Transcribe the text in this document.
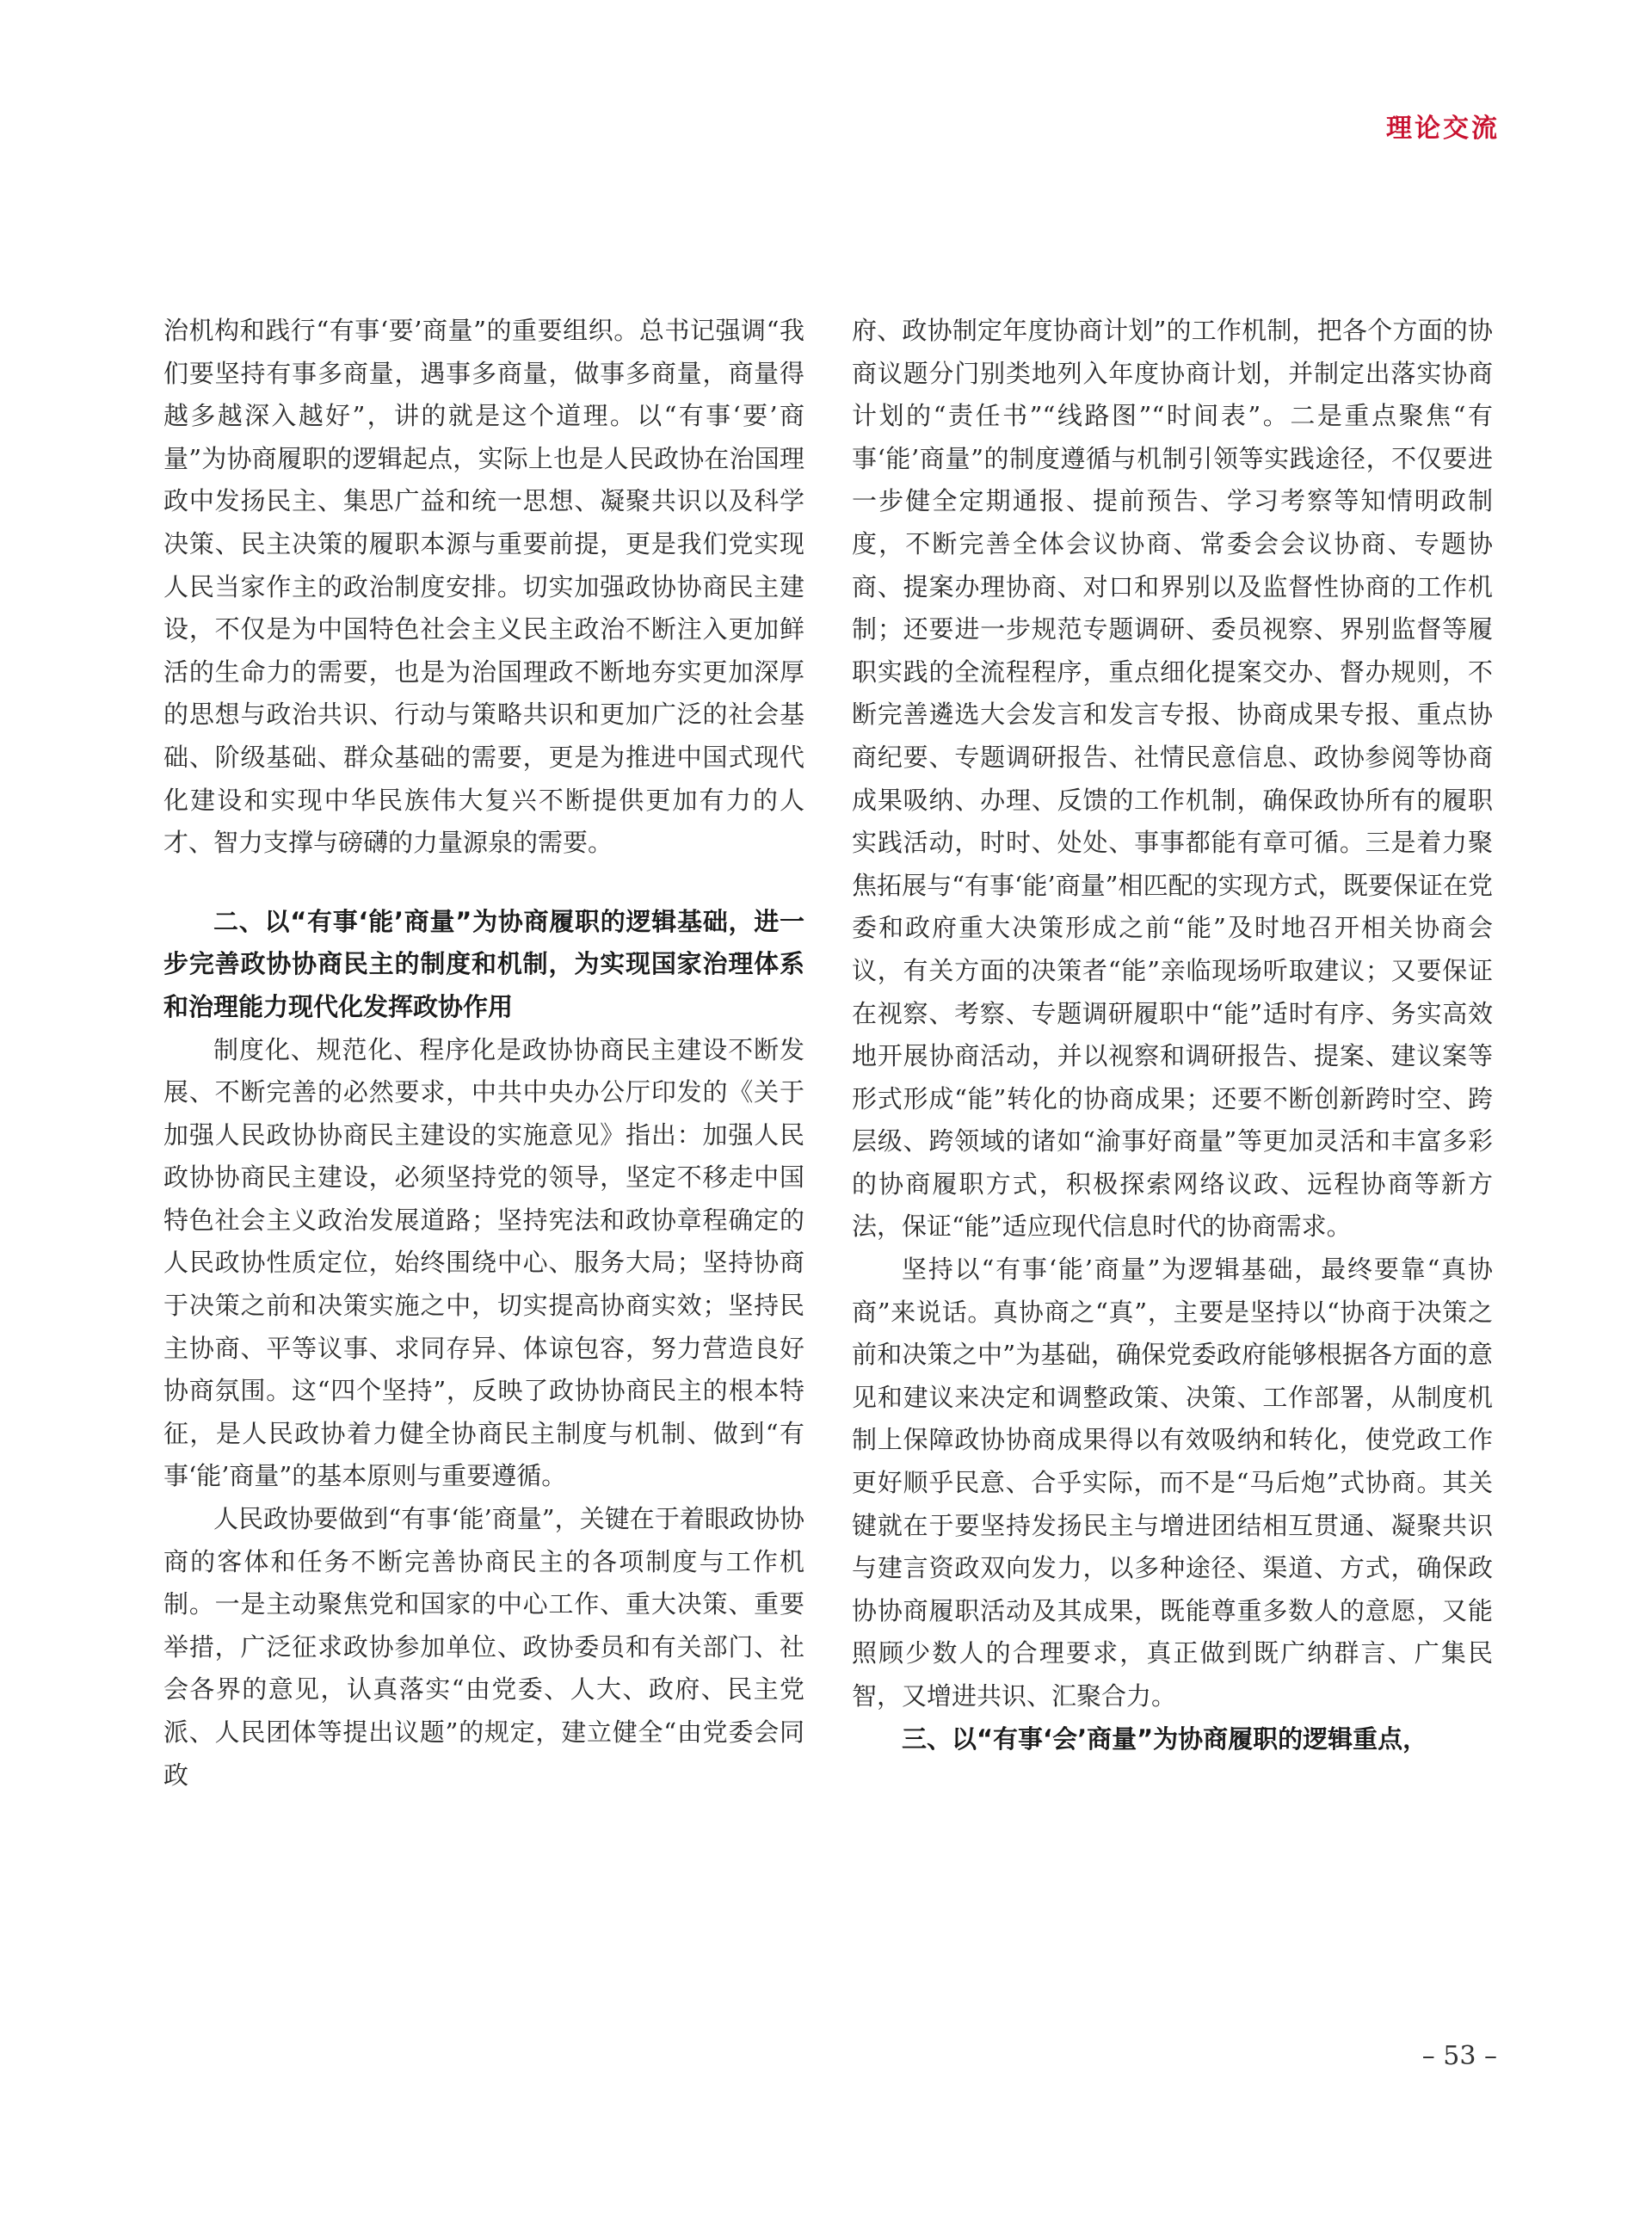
理论交流

治机构和践行“有事‘要’商量”的重要组织。总书记强调“我们要坚持有事多商量，遇事多商量，做事多商量，商量得越多越深入越好”，讲的就是这个道理。以“有事‘要’商量”为协商履职的逻辑起点，实际上也是人民政协在治国理政中发扬民主、集思广益和统一思想、凝聚共识以及科学决策、民主决策的履职本源与重要前提，更是我们党实现人民当家作主的政治制度安排。切实加强政协协商民主建设，不仅是为中国特色社会主义民主政治不断注入更加鲜活的生命力的需要，也是为治国理政不断地夯实更加深厚的思想与政治共识、行动与策略共识和更加广泛的社会基础、阶级基础、群众基础的需要，更是为推进中国式现代化建设和实现中华民族伟大复兴不断提供更加有力的人才、智力支撑与磅礴的力量源泉的需要。

二、以“有事‘能’商量”为协商履职的逻辑基础，进一步完善政协协商民主的制度和机制，为实现国家治理体系和治理能力现代化发挥政协作用

制度化、规范化、程序化是政协协商民主建设不断发展、不断完善的必然要求，中共中央办公厅印发的《关于加强人民政协协商民主建设的实施意见》指出：加强人民政协协商民主建设，必须坚持党的领导，坚定不移走中国特色社会主义政治发展道路；坚持宪法和政协章程确定的人民政协性质定位，始终围绕中心、服务大局；坚持协商于决策之前和决策实施之中，切实提高协商实效；坚持民主协商、平等议事、求同存异、体谅包容，努力营造良好协商氛围。这“四个坚持”，反映了政协协商民主的根本特征，是人民政协着力健全协商民主制度与机制、做到“有事‘能’商量”的基本原则与重要遵循。

人民政协要做到“有事‘能’商量”，关键在于着眼政协协商的客体和任务不断完善协商民主的各项制度与工作机制。一是主动聚焦党和国家的中心工作、重大决策、重要举措，广泛征求政协参加单位、政协委员和有关部门、社会各界的意见，认真落实“由党委、人大、政府、民主党派、人民团体等提出议题”的规定，建立健全“由党委会同政

府、政协制定年度协商计划”的工作机制，把各个方面的协商议题分门别类地列入年度协商计划，并制定出落实协商计划的“责任书”“线路图”“时间表”。二是重点聚焦“有事‘能’商量”的制度遵循与机制引领等实践途径，不仅要进一步健全定期通报、提前预告、学习考察等知情明政制度，不断完善全体会议协商、常委会会议协商、专题协商、提案办理协商、对口和界别以及监督性协商的工作机制；还要进一步规范专题调研、委员视察、界别监督等履职实践的全流程程序，重点细化提案交办、督办规则，不断完善遴选大会发言和发言专报、协商成果专报、重点协商纪要、专题调研报告、社情民意信息、政协参阅等协商成果吸纳、办理、反馈的工作机制，确保政协所有的履职实践活动，时时、处处、事事都能有章可循。三是着力聚焦拓展与“有事‘能’商量”相匹配的实现方式，既要保证在党委和政府重大决策形成之前“能”及时地召开相关协商会议，有关方面的决策者“能”亲临现场听取建议；又要保证在视察、考察、专题调研履职中“能”适时有序、务实高效地开展协商活动，并以视察和调研报告、提案、建议案等形式形成“能”转化的协商成果；还要不断创新跨时空、跨层级、跨领域的诸如“渝事好商量”等更加灵活和丰富多彩的协商履职方式，积极探索网络议政、远程协商等新方法，保证“能”适应现代信息时代的协商需求。

坚持以“有事‘能’商量”为逻辑基础，最终要靠“真协商”来说话。真协商之“真”，主要是坚持以“协商于决策之前和决策之中”为基础，确保党委政府能够根据各方面的意见和建议来决定和调整政策、决策、工作部署，从制度机制上保障政协协商成果得以有效吸纳和转化，使党政工作更好顺乎民意、合乎实际，而不是“马后炮”式协商。其关键就在于要坚持发扬民主与增进团结相互贯通、凝聚共识与建言资政双向发力，以多种途径、渠道、方式，确保政协协商履职活动及其成果，既能尊重多数人的意愿，又能照顾少数人的合理要求，真正做到既广纳群言、广集民智，又增进共识、汇聚合力。

三、以“有事‘会’商量”为协商履职的逻辑重点，

– 53 –
